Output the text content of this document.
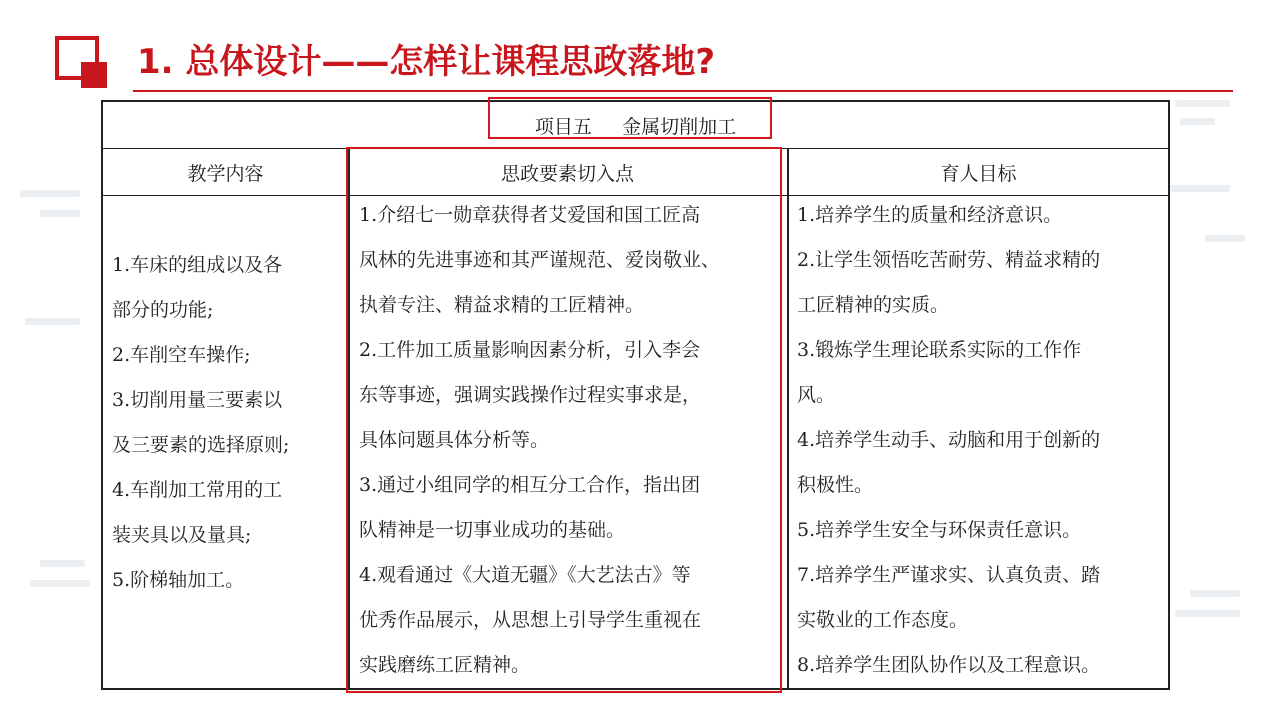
1. 总体设计——怎样让课程思政落地?
项目五     金属切削加工
教学内容	思政要素切入点	育人目标
1.车床的组成以及各
部分的功能;
2.车削空车操作;
3.切削用量三要素以
及三要素的选择原则;
4.车削加工常用的工
装夹具以及量具;
5.阶梯轴加工。
1.介绍七一勋章获得者艾爱国和国工匠高
凤林的先进事迹和其严谨规范、爱岗敬业、
执着专注、精益求精的工匠精神。
2.工件加工质量影响因素分析，引入李会
东等事迹，强调实践操作过程实事求是，
具体问题具体分析等。
3.通过小组同学的相互分工合作，指出团
队精神是一切事业成功的基础。
4.观看通过《大道无疆》《大艺法古》等
优秀作品展示，从思想上引导学生重视在
实践磨练工匠精神。
1.培养学生的质量和经济意识。
2.让学生领悟吃苦耐劳、精益求精的
工匠精神的实质。
3.锻炼学生理论联系实际的工作作
风。
4.培养学生动手、动脑和用于创新的
积极性。
5.培养学生安全与环保责任意识。
7.培养学生严谨求实、认真负责、踏
实敬业的工作态度。
8.培养学生团队协作以及工程意识。
